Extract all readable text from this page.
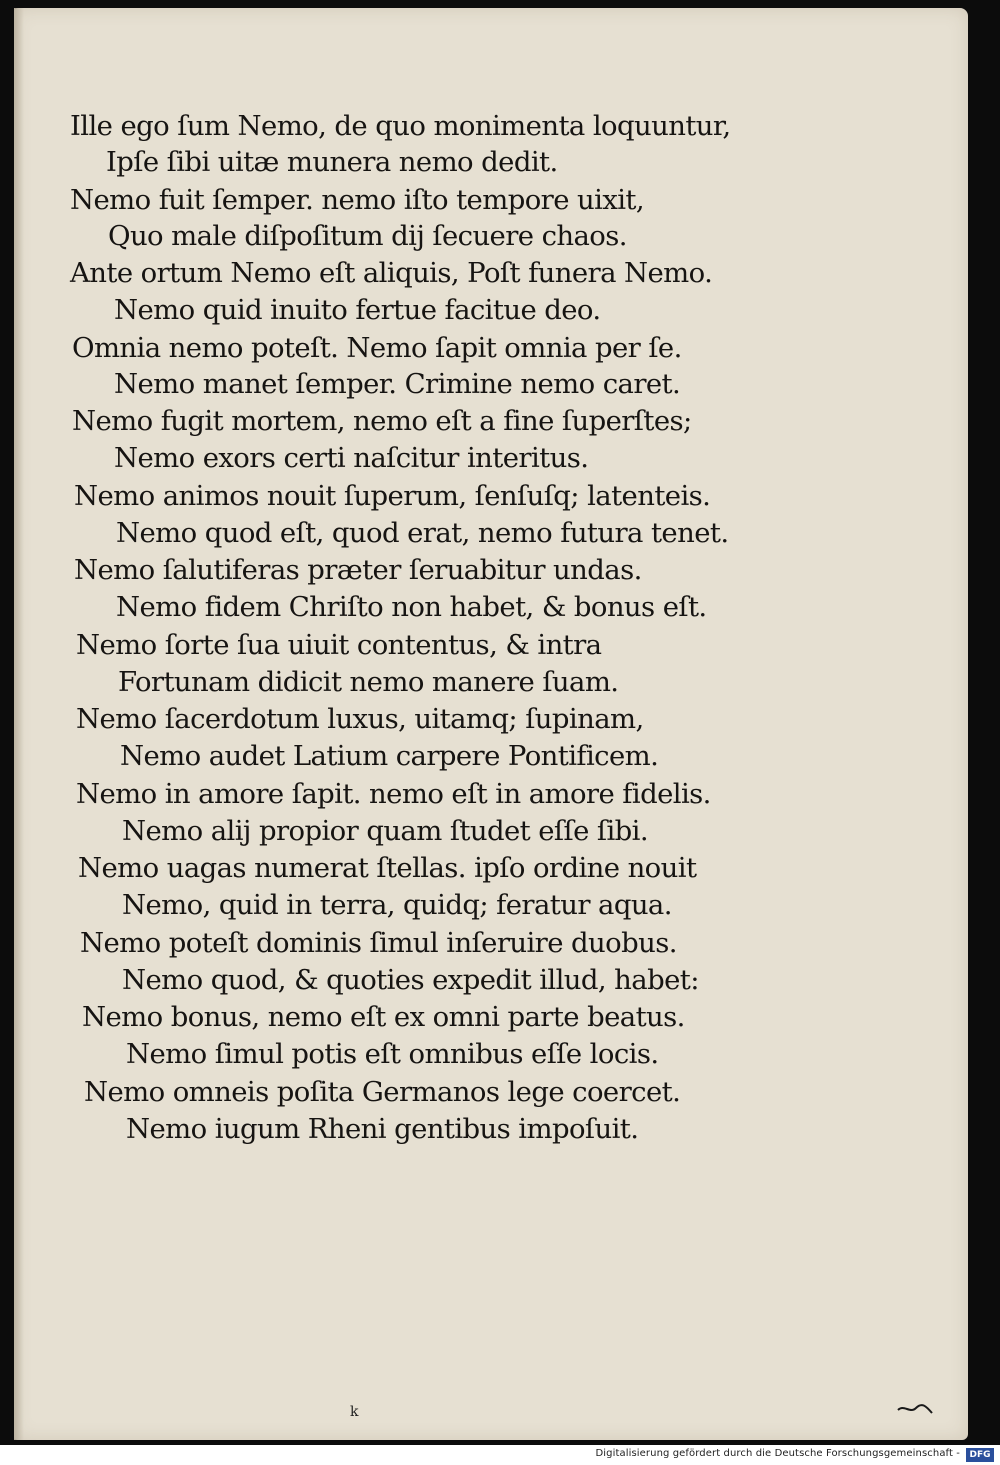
Ille ego ſum Nemo, de quo monimenta loquuntur,
Ipſe ſibi uitæ munera nemo dedit.
Nemo fuit ſemper. nemo iſto tempore uixit,
Quo male diſpoſitum dij ſecuere chaos.
Ante ortum Nemo eſt aliquis, Poſt funera Nemo.
Nemo quid inuito fertue facitue deo.
Omnia nemo poteſt. Nemo ſapit omnia per ſe.
Nemo manet ſemper. Crimine nemo caret.
Nemo fugit mortem, nemo eſt a fine ſuperſtes;
Nemo exors certi naſcitur interitus.
Nemo animos nouit ſuperum, ſenſuſq; latenteis.
Nemo quod eſt, quod erat, nemo futura tenet.
Nemo ſalutiferas præter ſeruabitur undas.
Nemo fidem Chriſto non habet, & bonus eſt.
Nemo ſorte ſua uiuit contentus, & intra
Fortunam didicit nemo manere ſuam.
Nemo ſacerdotum luxus, uitamq; ſupinam,
Nemo audet Latium carpere Pontificem.
Nemo in amore ſapit. nemo eſt in amore fidelis.
Nemo alij propior quam ſtudet eſſe ſibi.
Nemo uagas numerat ſtellas. ipſo ordine nouit
Nemo, quid in terra, quidq; feratur aqua.
Nemo poteſt dominis ſimul inſeruire duobus.
Nemo quod, & quoties expedit illud, habet:
Nemo bonus, nemo eſt ex omni parte beatus.
Nemo ſimul potis eſt omnibus eſſe locis.
Nemo omneis poſita Germanos lege coercet.
Nemo iugum Rheni gentibus impoſuit.
k
Digitalisierung gefördert durch die Deutsche Forschungsgemeinschaft -	DFG
